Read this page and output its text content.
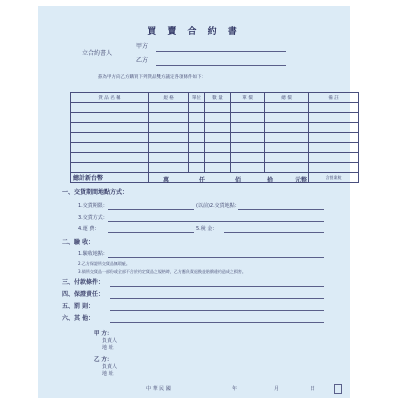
買 賣 合 約 書
立合約書人
甲方
乙方
茲為甲方向乙方購買下列貨品雙方議定各項條件如下：
貨 品 名 稱	規 格	單位	數 量	單 價	總 價	備 註

總計新台幣	萬 仟 佰 拾 元整					含營業稅
一、交貨期間地點方式：
1.交貨期限：	(以前)2.交貨地點：
3.交貨方式：
4.運 費：	5.稅 金：
二、驗 收：
1.驗收地點：
2.乙方保證所交貨品無瑕疵。
3.倘所交貨品一部份或全部不合於約定貨品之規格時，乙方應負責退換並賠償違約造成之損害。
三、付款條件：
四、保證責任：
五、罰 則：
六、其 他：
甲 方：
負責人
地 址
乙 方：
負責人
地 址
中 華 民 國	年	月	日
